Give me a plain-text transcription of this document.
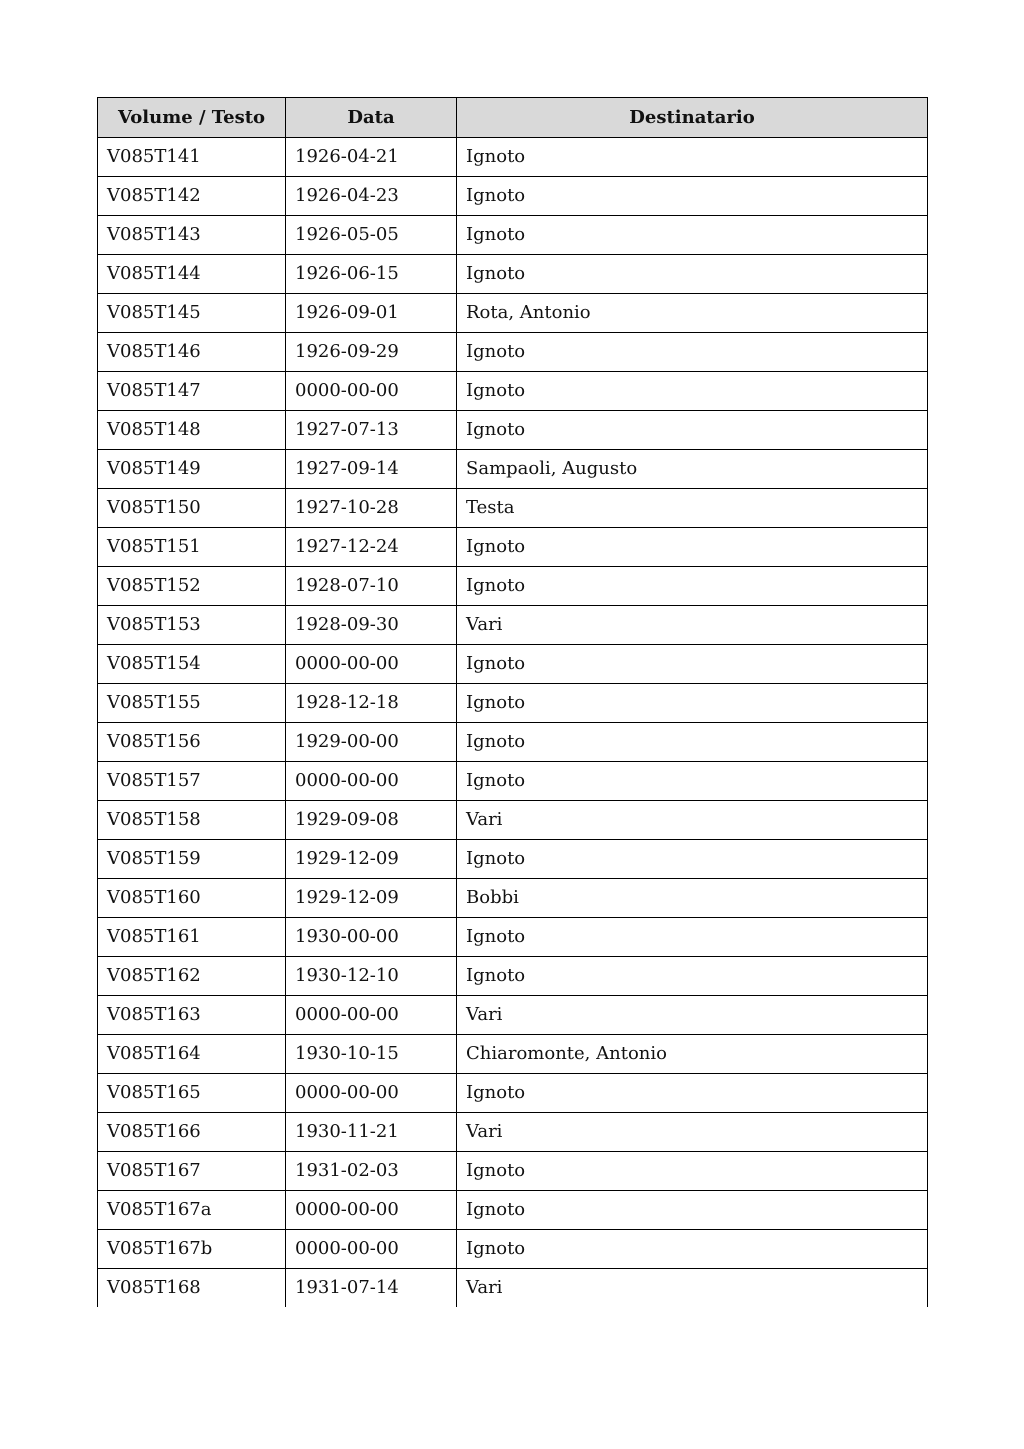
Volume / Testo	Data	Destinatario
V085T141	1926-04-21	Ignoto
V085T142	1926-04-23	Ignoto
V085T143	1926-05-05	Ignoto
V085T144	1926-06-15	Ignoto
V085T145	1926-09-01	Rota, Antonio
V085T146	1926-09-29	Ignoto
V085T147	0000-00-00	Ignoto
V085T148	1927-07-13	Ignoto
V085T149	1927-09-14	Sampaoli, Augusto
V085T150	1927-10-28	Testa
V085T151	1927-12-24	Ignoto
V085T152	1928-07-10	Ignoto
V085T153	1928-09-30	Vari
V085T154	0000-00-00	Ignoto
V085T155	1928-12-18	Ignoto
V085T156	1929-00-00	Ignoto
V085T157	0000-00-00	Ignoto
V085T158	1929-09-08	Vari
V085T159	1929-12-09	Ignoto
V085T160	1929-12-09	Bobbi
V085T161	1930-00-00	Ignoto
V085T162	1930-12-10	Ignoto
V085T163	0000-00-00	Vari
V085T164	1930-10-15	Chiaromonte, Antonio
V085T165	0000-00-00	Ignoto
V085T166	1930-11-21	Vari
V085T167	1931-02-03	Ignoto
V085T167a	0000-00-00	Ignoto
V085T167b	0000-00-00	Ignoto
V085T168	1931-07-14	Vari
